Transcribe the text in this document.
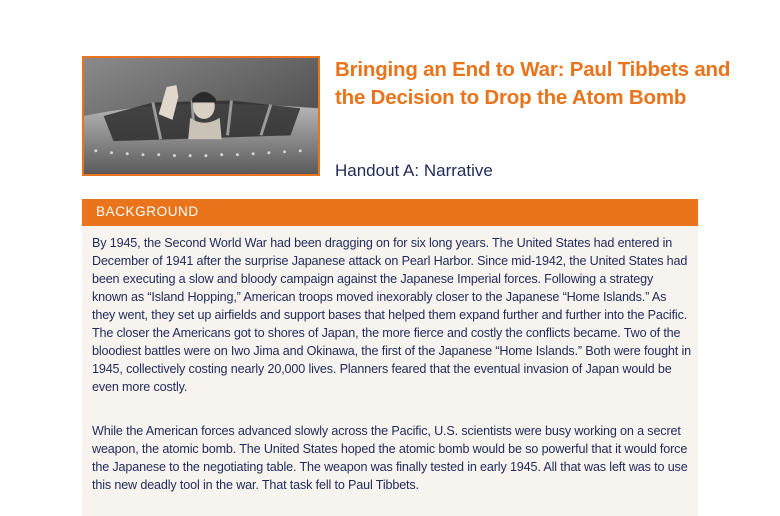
Bringing an End to War: Paul Tibbets and the Decision to Drop the Atom Bomb
Handout A: Narrative
BACKGROUND

By 1945, the Second World War had been dragging on for six long years. The United States had entered in December of 1941 after the surprise Japanese attack on Pearl Harbor. Since mid-1942, the United States had been executing a slow and bloody campaign against the Japanese Imperial forces. Following a strategy known as “Island Hopping,” American troops moved inexorably closer to the Japanese “Home Islands.” As they went, they set up airfields and support bases that helped them expand further and further into the Pacific. The closer the Americans got to shores of Japan, the more fierce and costly the conflicts became. Two of the bloodiest battles were on Iwo Jima and Okinawa, the first of the Japanese “Home Islands.” Both were fought in 1945, collectively costing nearly 20,000 lives. Planners feared that the eventual invasion of Japan would be even more costly.

While the American forces advanced slowly across the Pacific, U.S. scientists were busy working on a secret weapon, the atomic bomb. The United States hoped the atomic bomb would be so powerful that it would force the Japanese to the negotiating table. The weapon was finally tested in early 1945. All that was left was to use this new deadly tool in the war. That task fell to Paul Tibbets.
